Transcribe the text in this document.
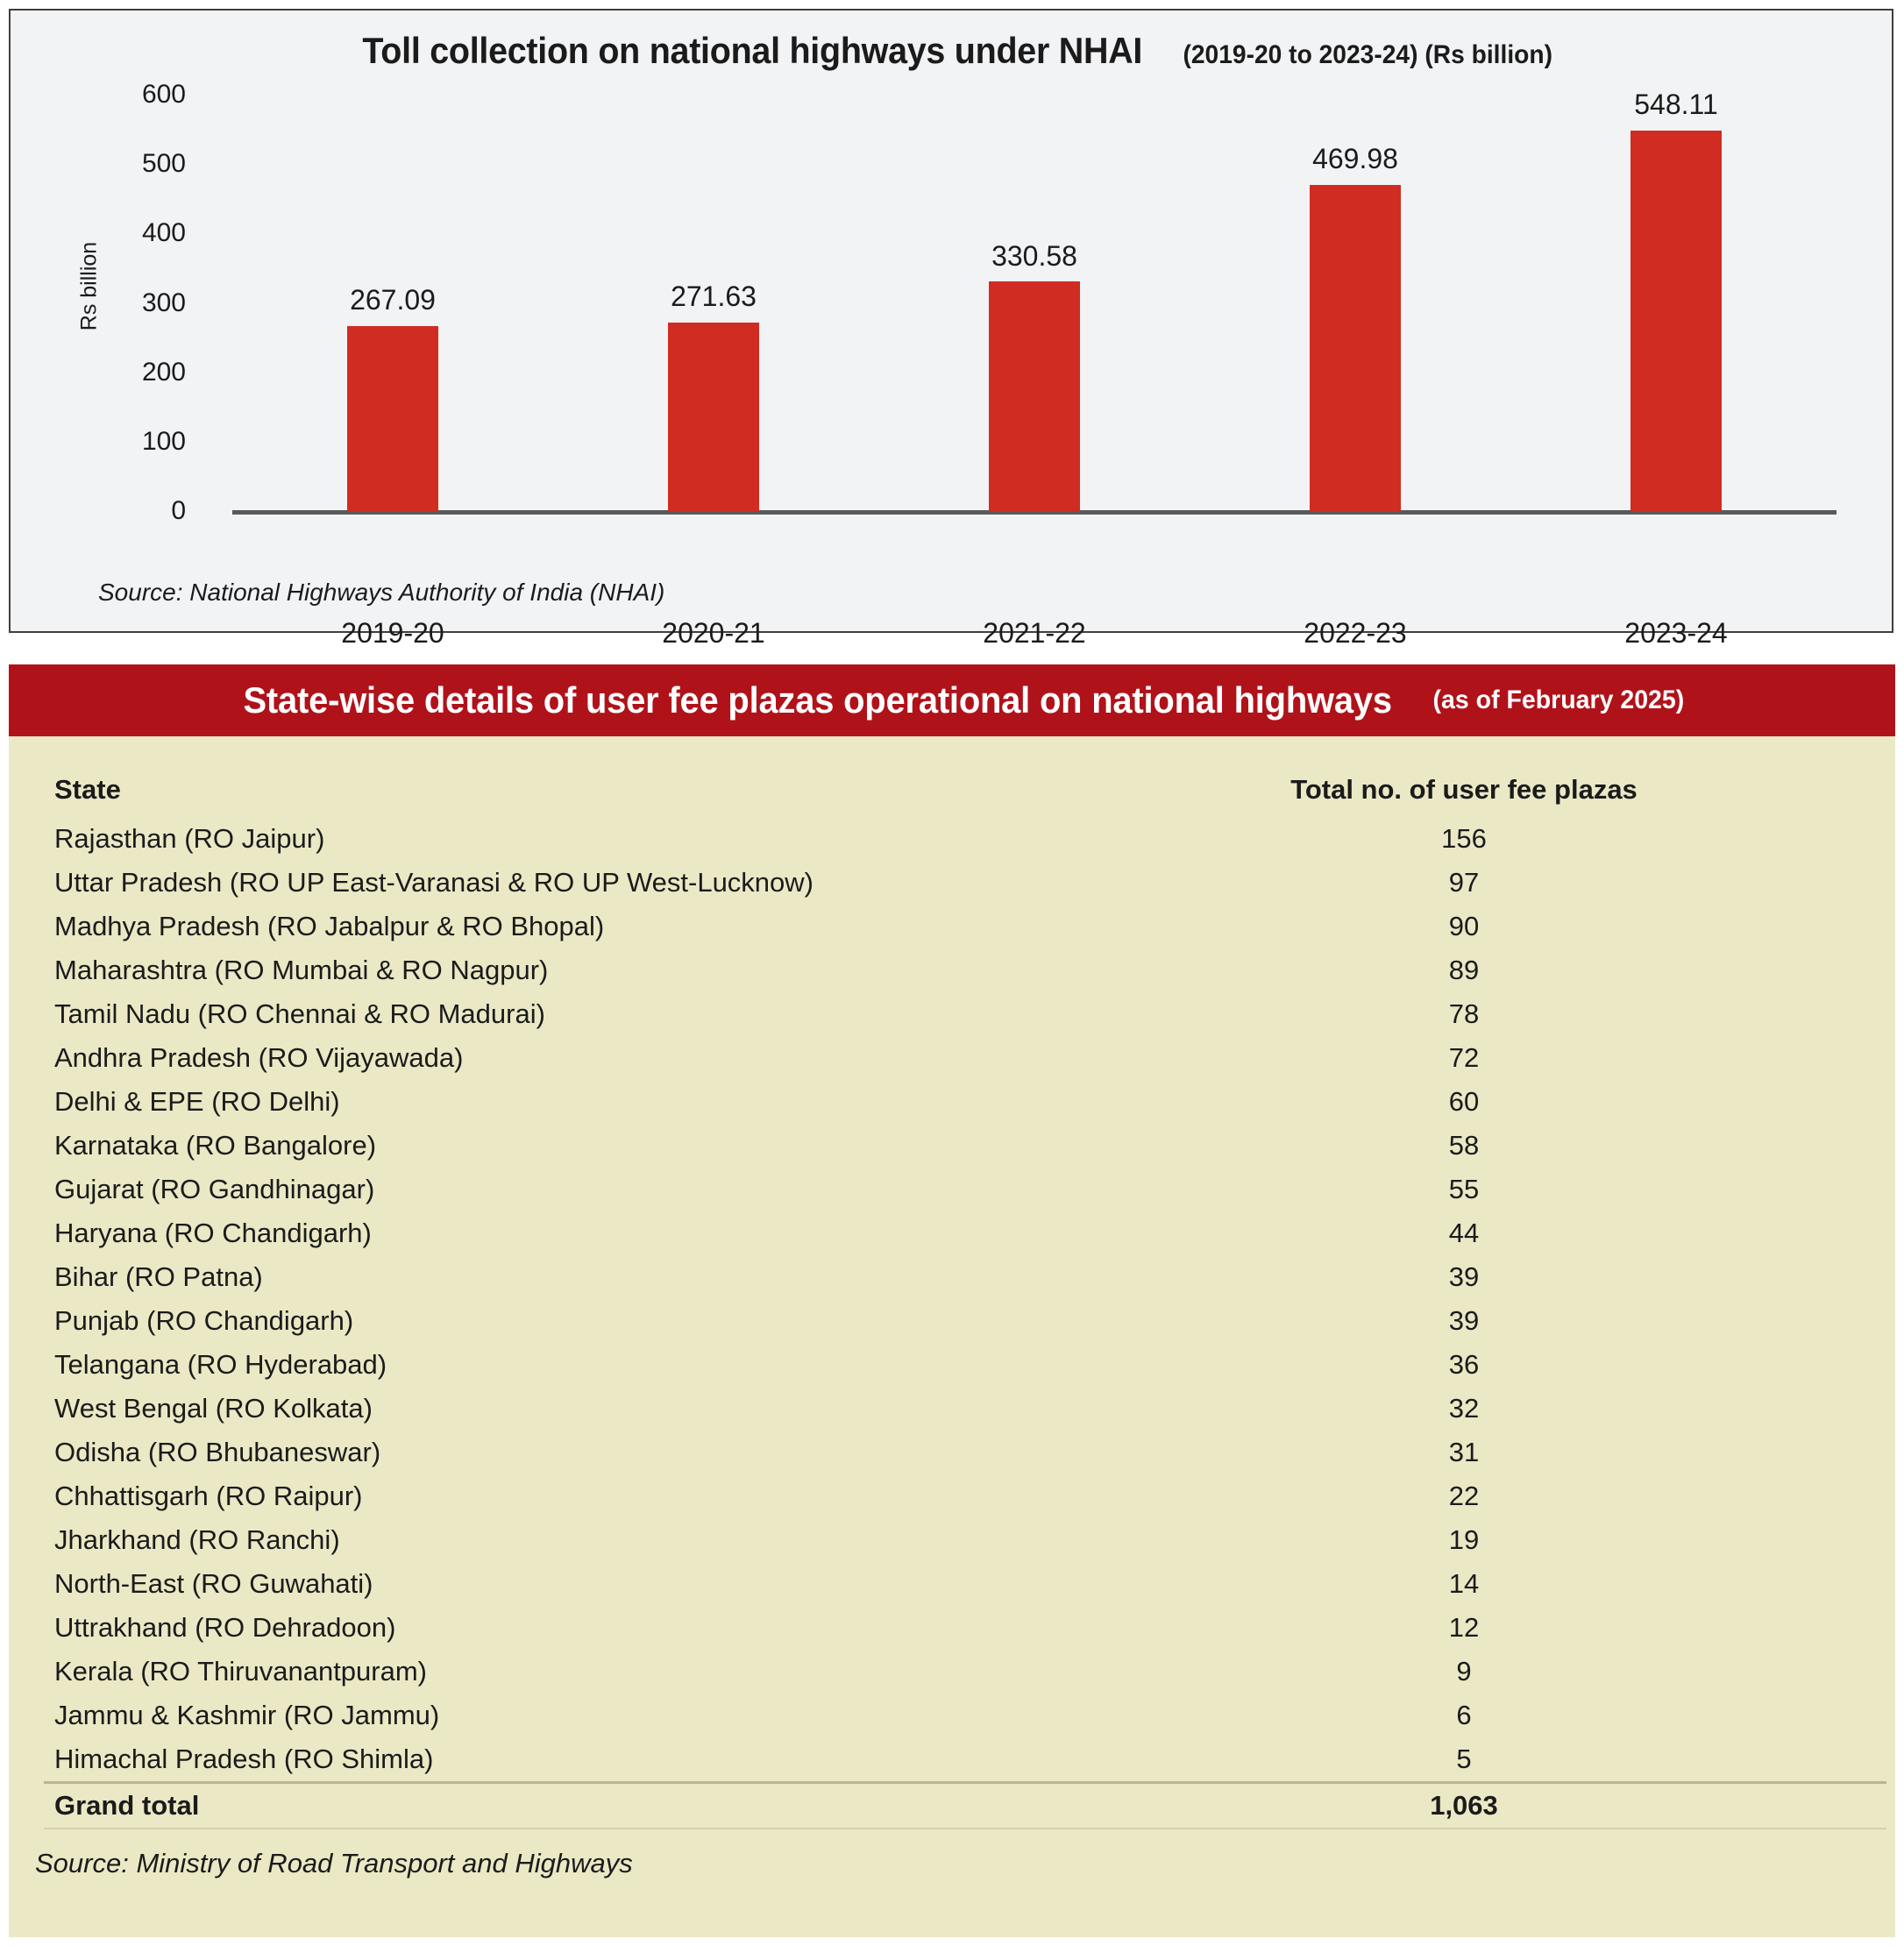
Toll collection on national highways under NHAI (2019-20 to 2023-24) (Rs billion)
Rs billion
600
500
400
300
200
100
0
267.09
2019-20
271.63
2020-21
330.58
2021-22
469.98
2022-23
548.11
2023-24
Source: National Highways Authority of India (NHAI)
State-wise details of user fee plazas operational on national highways (as of February 2025)
State	Total no. of user fee plazas	
Rajasthan (RO Jaipur)	156	
Uttar Pradesh (RO UP East-Varanasi & RO UP West-Lucknow)	97	
Madhya Pradesh (RO Jabalpur & RO Bhopal)	90	
Maharashtra (RO Mumbai & RO Nagpur)	89	
Tamil Nadu (RO Chennai & RO Madurai)	78	
Andhra Pradesh (RO Vijayawada)	72	
Delhi & EPE (RO Delhi)	60	
Karnataka (RO Bangalore)	58	
Gujarat (RO Gandhinagar)	55	
Haryana (RO Chandigarh)	44	
Bihar (RO Patna)	39	
Punjab (RO Chandigarh)	39	
Telangana (RO Hyderabad)	36	
West Bengal (RO Kolkata)	32	
Odisha (RO Bhubaneswar)	31	
Chhattisgarh (RO Raipur)	22	
Jharkhand (RO Ranchi)	19	
North-East (RO Guwahati)	14	
Uttrakhand (RO Dehradoon)	12	
Kerala (RO Thiruvanantpuram)	9	
Jammu & Kashmir (RO Jammu)	6	
Himachal Pradesh (RO Shimla)	5	
Grand total	1,063	
Source: Ministry of Road Transport and Highways
